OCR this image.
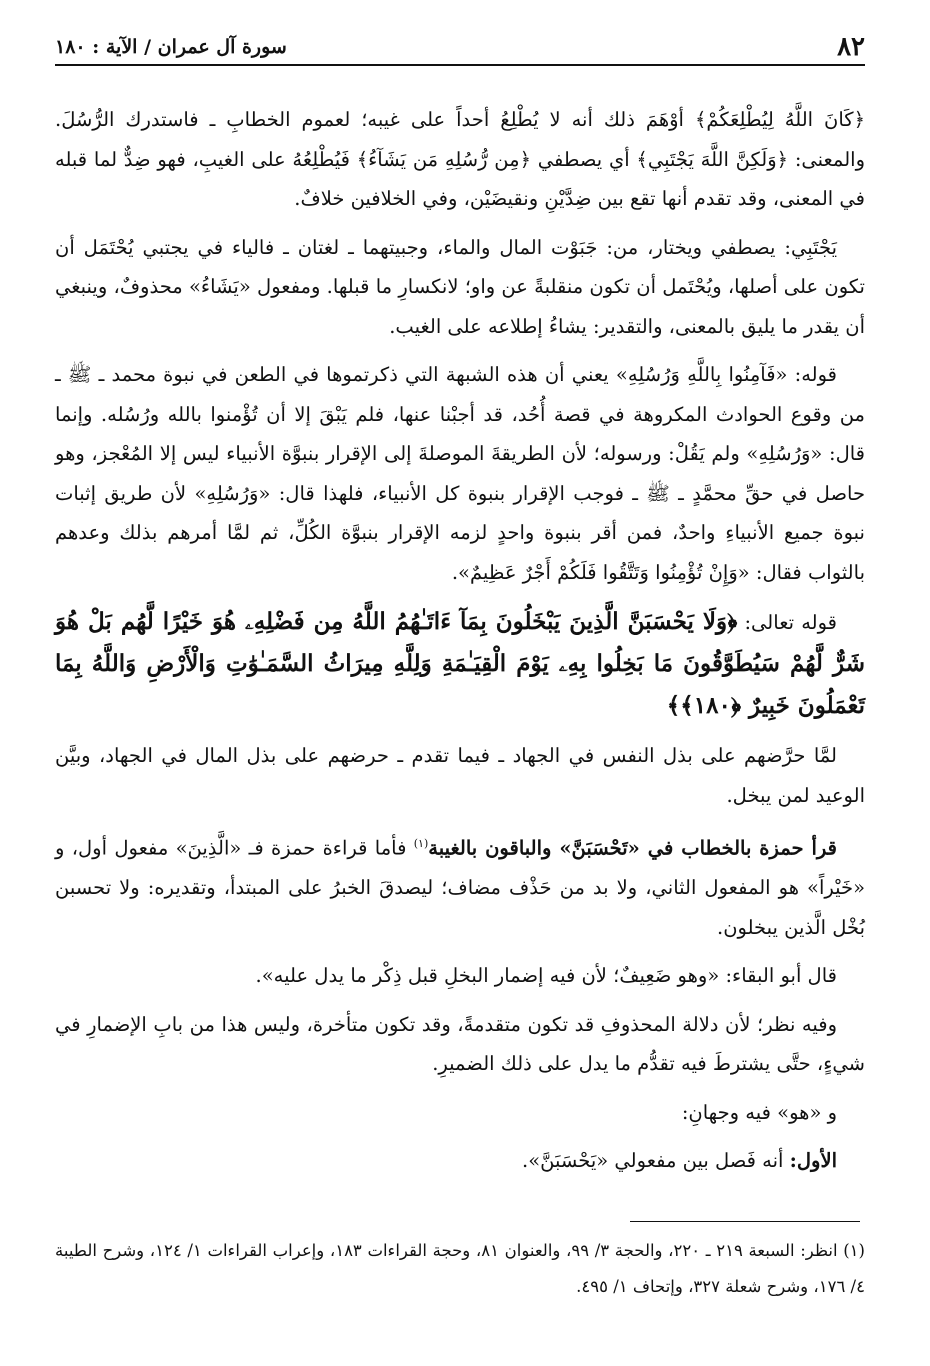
٨٢
سورة آل عمران / الآية : ١٨٠

﴿كَانَ اللَّهُ لِيُطْلِعَكُمْ﴾ أوْهَمَ ذلك أنه لا يُطْلِعُ أحداً على غيبه؛ لعموم الخطابِ ـ فاستدرك الرُّسُلَ. والمعنى: ﴿وَلَكِنَّ اللَّهَ يَجْتَبِي﴾ أي يصطفي ﴿مِن رُّسُلِهِ مَن يَشَآءُ﴾ فَيُطْلِعُهُ على الغيبِ، فهو ضِدٌّ لما قبله في المعنى، وقد تقدم أنها تقع بين ضِدَّيْنِ ونقيضَيْن، وفي الخلافين خلافٌ.

يَجْتَبِي: يصطفي ويختار، من: جَبَوْت المال والماء، وجبيتهما ـ لغتان ـ فالياء في يجتبي يُحْتَمَل أن تكون على أصلها، ويُحْتَمل أن تكون منقلبةً عن واو؛ لانكسارِ ما قبلها. ومفعول «يَشَاءُ» محذوفٌ، وينبغي أن يقدر ما يليق بالمعنى، والتقدير: يشاءُ إطلاعه على الغيب.

قوله: «فَآمِنُوا بِاللَّهِ وَرُسُلِهِ» يعني أن هذه الشبهة التي ذكرتموها في الطعن في نبوة محمد ـ ﷺ ـ من وقوع الحوادث المكروهة في قصة أُحُد، قد أجبْنا عنها، فلم يَبْقَ إلا أن تُؤْمنوا بالله ورُسُله. وإنما قال: «وَرُسُلِهِ» ولم يَقُلْ: ورسوله؛ لأن الطريقةَ الموصلةَ إلى الإقرار بنبوَّة الأنبياء ليس إلا المُعْجز، وهو حاصل في حقِّ محمَّدٍ ـ ﷺ ـ فوجب الإقرار بنبوة كل الأنبياء، فلهذا قال: «وَرُسُلِهِ» لأن طريق إثبات نبوة جميع الأنبياءِ واحدٌ، فمن أقر بنبوة واحدٍ لزمه الإقرار بنبوَّة الكُلِّ، ثم لمَّا أمرهم بذلك وعدهم بالثواب فقال: «وَإِنْ تُؤْمِنُوا وَتَتَّقُوا فَلَكُمْ أَجْرٌ عَظِيمٌ».

قوله تعالى: ﴿وَلَا يَحْسَبَنَّ الَّذِينَ يَبْخَلُونَ بِمَآ ءَاتَـٰهُمُ اللَّهُ مِن فَضْلِهِۦ هُوَ خَيْرًا لَّهُم بَلْ هُوَ شَرٌّ لَّهُمْ سَيُطَوَّقُونَ مَا بَخِلُوا بِهِۦ يَوْمَ الْقِيَـٰمَةِ وَلِلَّهِ مِيرَاثُ السَّمَـٰوَٰتِ وَالْأَرْضِ وَاللَّهُ بِمَا تَعْمَلُونَ خَبِيرٌ ﴿١٨٠﴾﴾

لمَّا حرَّضهم على بذل النفس في الجهاد ـ فيما تقدم ـ حرضهم على بذل المال في الجهاد، وبيَّن الوعيد لمن يبخل.

قرأ حمزة بالخطاب في «تَحْسَبَنَّ» والباقون بالغيبة$^{(١)}$ فأما قراءة حمزة فـ «الَّذِينَ» مفعول أول، و «خَيْراً» هو المفعول الثاني، ولا بد من حَذْف مضاف؛ ليصدقَ الخبرُ على المبتدأ، وتقديره: ولا تحسبن بُخْل الَّذين يبخلون.

قال أبو البقاء: «وهو ضَعِيفٌ؛ لأن فيه إضمار البخلِ قبل ذِكْر ما يدل عليه».

وفيه نظر؛ لأن دلالة المحذوفِ قد تكون متقدمةً، وقد تكون متأخرة، وليس هذا من بابِ الإضمارِ في شيءٍ، حتَّى يشترطَ فيه تقدُّم ما يدل على ذلك الضميرِ.

و «هو» فيه وجهانِ:

الأول: أنه فَصل بين مفعولي «يَحْسَبَنَّ».

(١) انظر: السبعة ٢١٩ ـ ٢٢٠، والحجة ٣/ ٩٩، والعنوان ٨١، وحجة القراءات ١٨٣، وإعراب القراءات ١/ ١٢٤، وشرح الطيبة ٤/ ١٧٦، وشرح شعلة ٣٢٧، وإتحاف ١/ ٤٩٥.
